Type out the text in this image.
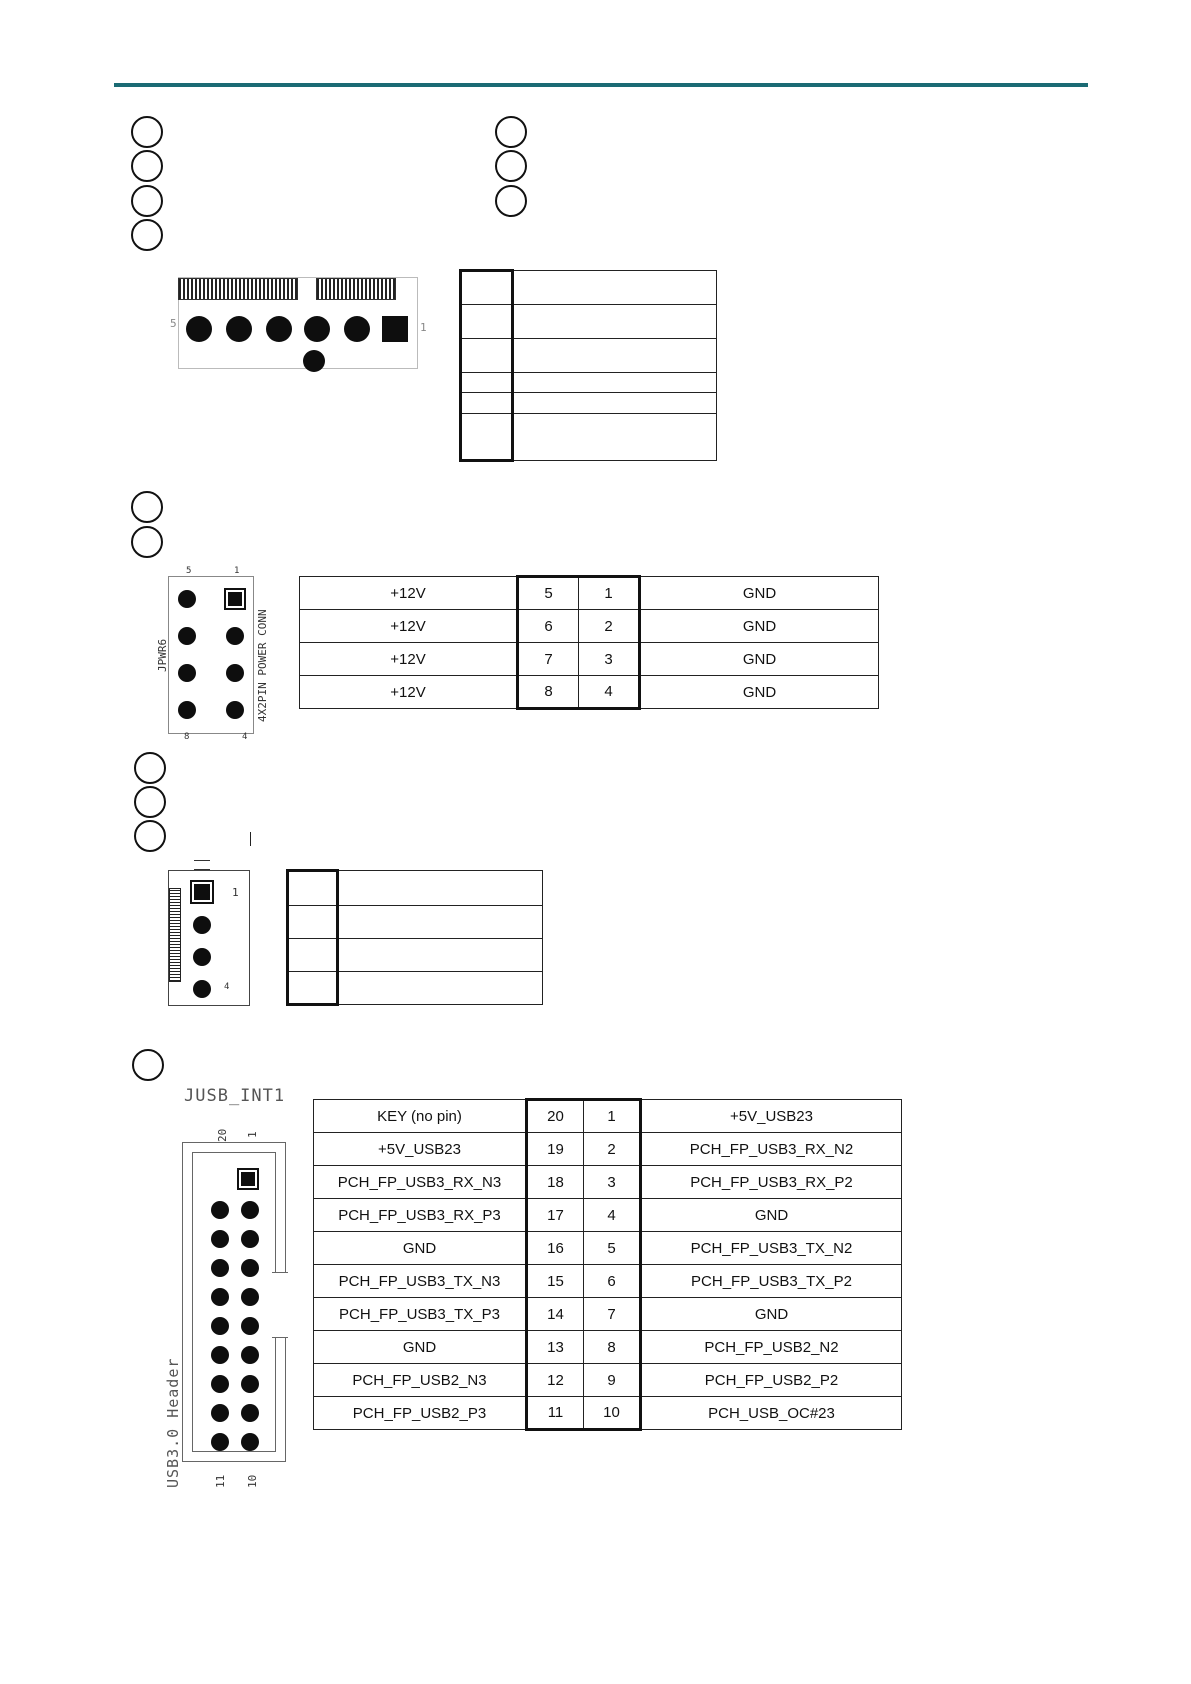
5	1

5	1
8	4
JPWR6	4X2PIN POWER CONN
+12V	5	1	GND
+12V	6	2	GND
+12V	7	3	GND
+12V	8	4	GND
1
4

JUSB_INT1
20 1
USB3.0 Header	11 10
KEY (no pin)	20	1	+5V_USB23
+5V_USB23	19	2	PCH_FP_USB3_RX_N2
PCH_FP_USB3_RX_N3	18	3	PCH_FP_USB3_RX_P2
PCH_FP_USB3_RX_P3	17	4	GND
GND	16	5	PCH_FP_USB3_TX_N2
PCH_FP_USB3_TX_N3	15	6	PCH_FP_USB3_TX_P2
PCH_FP_USB3_TX_P3	14	7	GND
GND	13	8	PCH_FP_USB2_N2
PCH_FP_USB2_N3	12	9	PCH_FP_USB2_P2
PCH_FP_USB2_P3	11	10	PCH_USB_OC#23
